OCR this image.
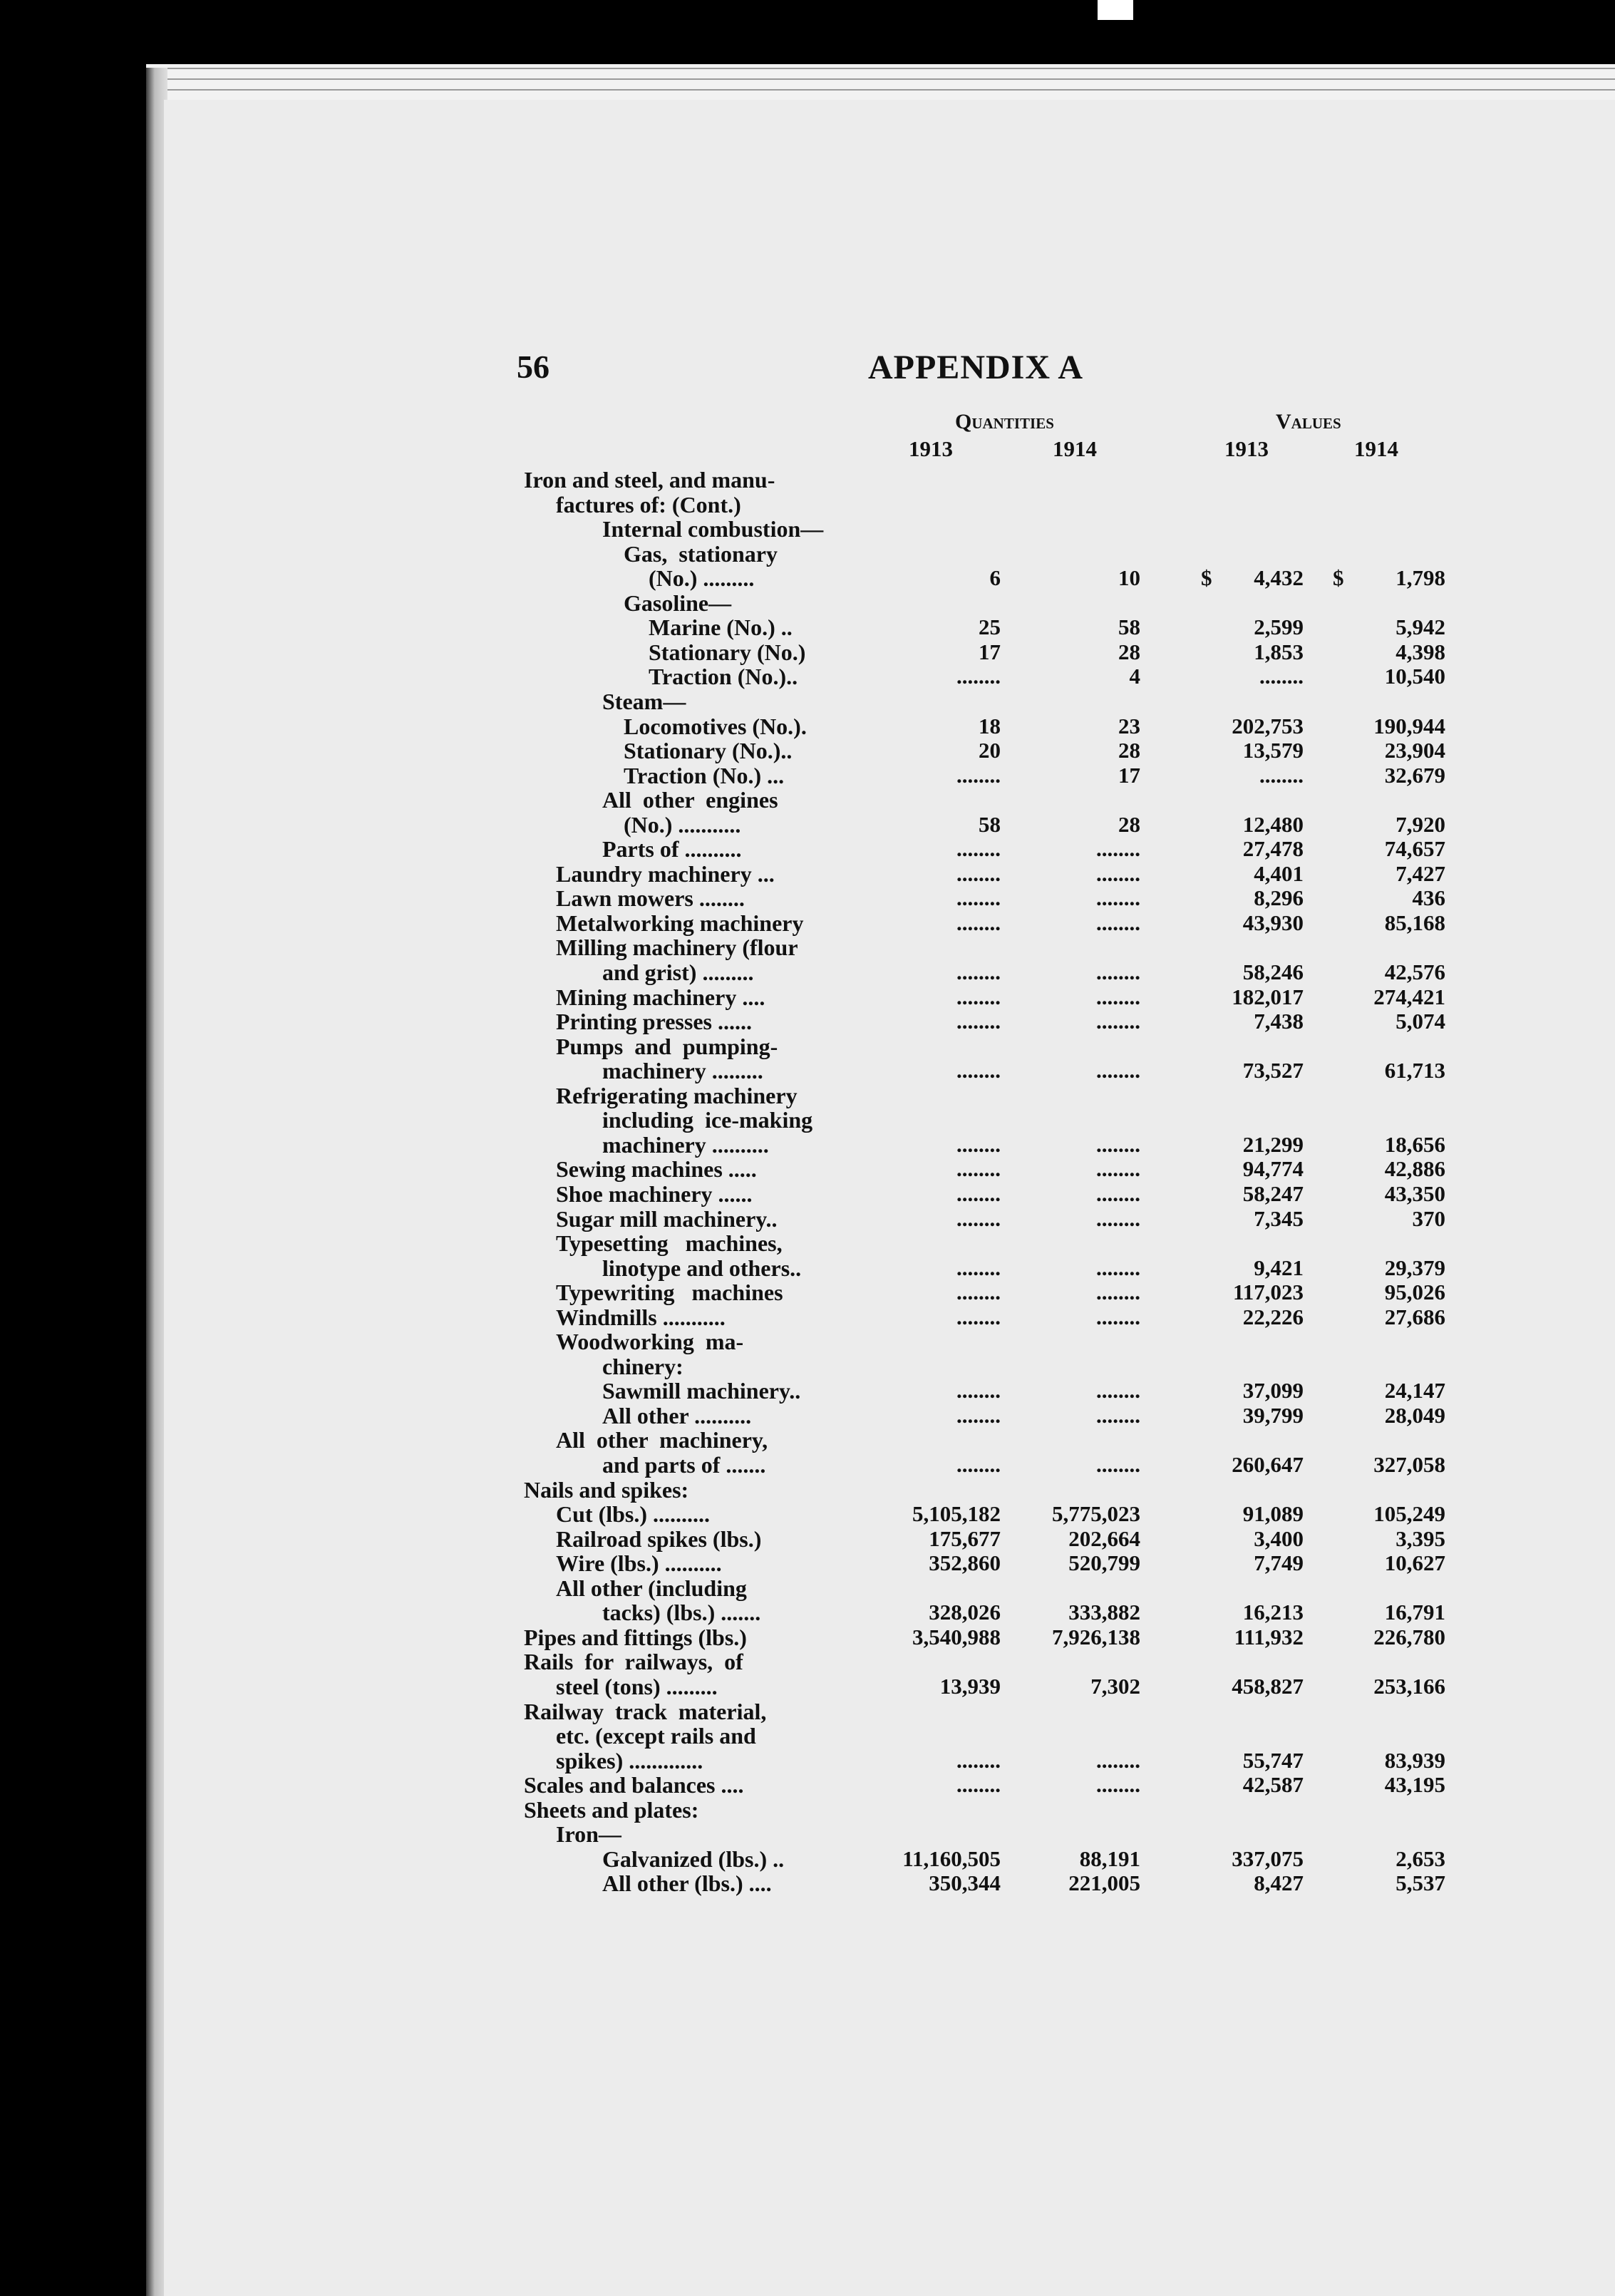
56	APPENDIX A
Quantities	Values
1913	1914	1913	1914
Iron and steel, and manu-
factures of: (Cont.)
Internal combustion—
Gas,  stationary
(No.) .........	6	10	4,432	1,798
$	$
Gasoline—
Marine (No.) ..	25	58	2,599	5,942
Stationary (No.)	17	28	1,853	4,398
Traction (No.)..	........	4	........	10,540
Steam—
Locomotives (No.).	18	23	202,753	190,944
Stationary (No.)..	20	28	13,579	23,904
Traction (No.) ...	........	17	........	32,679
All  other  engines
(No.) ...........	58	28	12,480	7,920
Parts of ..........	........	........	27,478	74,657
Laundry machinery ...	........	........	4,401	7,427
Lawn mowers ........	........	........	8,296	436
Metalworking machinery	........	........	43,930	85,168
Milling machinery (flour
and grist) .........	........	........	58,246	42,576
Mining machinery ....	........	........	182,017	274,421
Printing presses ......	........	........	7,438	5,074
Pumps  and  pumping-
machinery .........	........	........	73,527	61,713
Refrigerating machinery
including  ice-making
machinery ..........	........	........	21,299	18,656
Sewing machines .....	........	........	94,774	42,886
Shoe machinery ......	........	........	58,247	43,350
Sugar mill machinery..	........	........	7,345	370
Typesetting   machines,
linotype and others..	........	........	9,421	29,379
Typewriting   machines	........	........	117,023	95,026
Windmills ...........	........	........	22,226	27,686
Woodworking  ma-
chinery:
Sawmill machinery..	........	........	37,099	24,147
All other ..........	........	........	39,799	28,049
All  other  machinery,
and parts of .......	........	........	260,647	327,058
Nails and spikes:
Cut (lbs.) ..........	5,105,182	5,775,023	91,089	105,249
Railroad spikes (lbs.)	175,677	202,664	3,400	3,395
Wire (lbs.) ..........	352,860	520,799	7,749	10,627
All other (including
tacks) (lbs.) .......	328,026	333,882	16,213	16,791
Pipes and fittings (lbs.)	3,540,988	7,926,138	111,932	226,780
Rails  for  railways,  of
steel (tons) .........	13,939	7,302	458,827	253,166
Railway  track  material,
etc. (except rails and
spikes) .............	........	........	55,747	83,939
Scales and balances ....	........	........	42,587	43,195
Sheets and plates:
Iron—
Galvanized (lbs.) ..	11,160,505	88,191	337,075	2,653
All other (lbs.) ....	350,344	221,005	8,427	5,537
